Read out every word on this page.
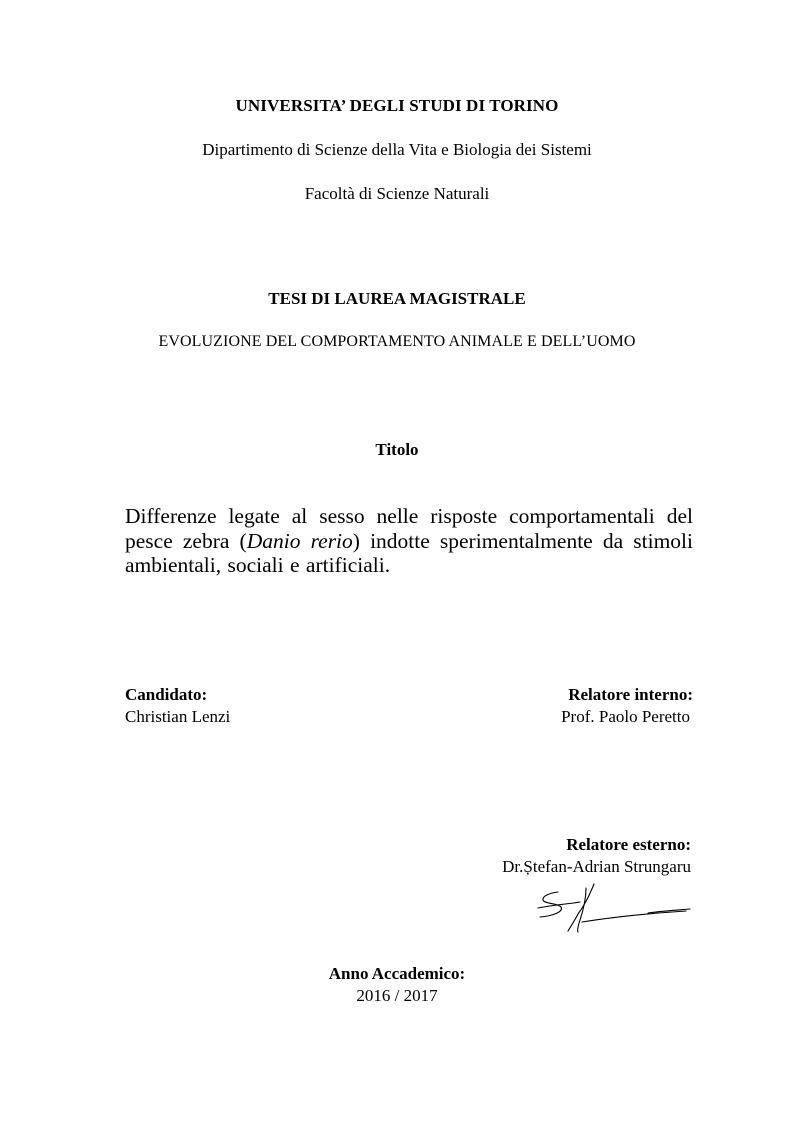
UNIVERSITA’ DEGLI STUDI DI TORINO
Dipartimento di Scienze della Vita e Biologia dei Sistemi
Facoltà di Scienze Naturali
TESI DI LAUREA MAGISTRALE
EVOLUZIONE DEL COMPORTAMENTO ANIMALE E DELL’UOMO
Titolo
Differenze legate al sesso nelle risposte comportamentali del pesce zebra (Danio rerio) indotte sperimentalmente da stimoli ambientali, sociali e artificiali.
Candidato:
Christian Lenzi
Relatore interno:
Prof. Paolo Peretto
Relatore esterno:
Dr.Ștefan-Adrian Strungaru
Anno Accademico:
2016 / 2017
